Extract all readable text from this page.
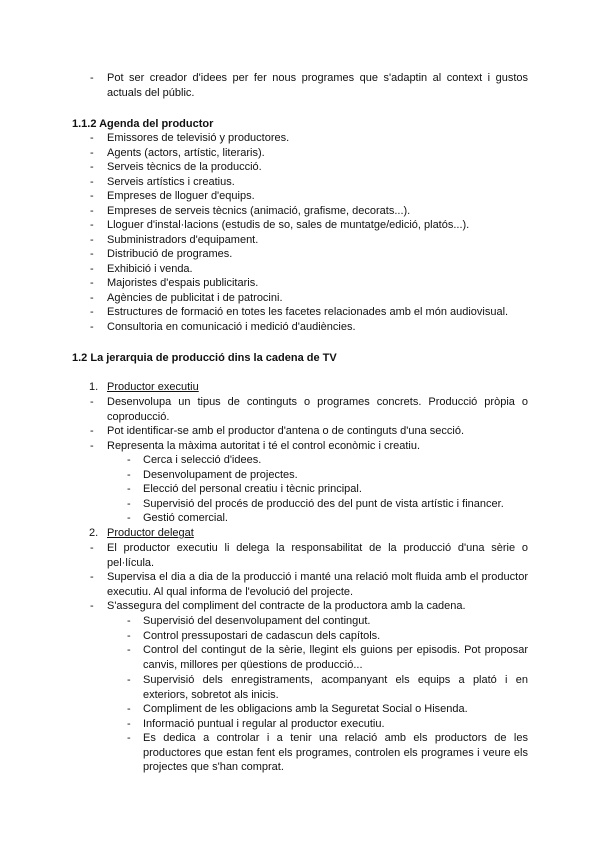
- Pot ser creador d'idees per fer nous programes que s'adaptin al context i gustos actuals del públic.
1.1.2 Agenda del productor
- Emissores de televisió y productores.
- Agents (actors, artístic, literaris).
- Serveis tècnics de la producció.
- Serveis artístics i creatius.
- Empreses de lloguer d'equips.
- Empreses de serveis tècnics (animació, grafisme, decorats...).
- Lloguer d'instal·lacions (estudis de so, sales de muntatge/edició, platós...).
- Subministradors d'equipament.
- Distribució de programes.
- Exhibició i venda.
- Majoristes d'espais publicitaris.
- Agències de publicitat i de patrocini.
- Estructures de formació en totes les facetes relacionades amb el món audiovisual.
- Consultoria en comunicació i medició d'audiències.
1.2 La jerarquia de producció dins la cadena de TV
1. Productor executiu
- Desenvolupa un tipus de continguts o programes concrets. Producció pròpia o coproducció.
- Pot identificar-se amb el productor d'antena o de continguts d'una secció.
- Representa la màxima autoritat i té el control econòmic i creatiu.
- Cerca i selecció d'idees.
- Desenvolupament de projectes.
- Elecció del personal creatiu i tècnic principal.
- Supervisió del procés de producció des del punt de vista artístic i financer.
- Gestió comercial.
2. Productor delegat
- El productor executiu li delega la responsabilitat de la producció d'una sèrie o pel·lícula.
- Supervisa el dia a dia de la producció i manté una relació molt fluida amb el productor executiu. Al qual informa de l'evolució del projecte.
- S'assegura del compliment del contracte de la productora amb la cadena.
- Supervisió del desenvolupament del contingut.
- Control pressupostari de cadascun dels capítols.
- Control del contingut de la sèrie, llegint els guions per episodis. Pot proposar canvis, millores per qüestions de producció...
- Supervisió dels enregistraments, acompanyant els equips a plató i en exteriors, sobretot als inicis.
- Compliment de les obligacions amb la Seguretat Social o Hisenda.
- Informació puntual i regular al productor executiu.
- Es dedica a controlar i a tenir una relació amb els productors de les productores que estan fent els programes, controlen els programes i veure els projectes que s'han comprat.
